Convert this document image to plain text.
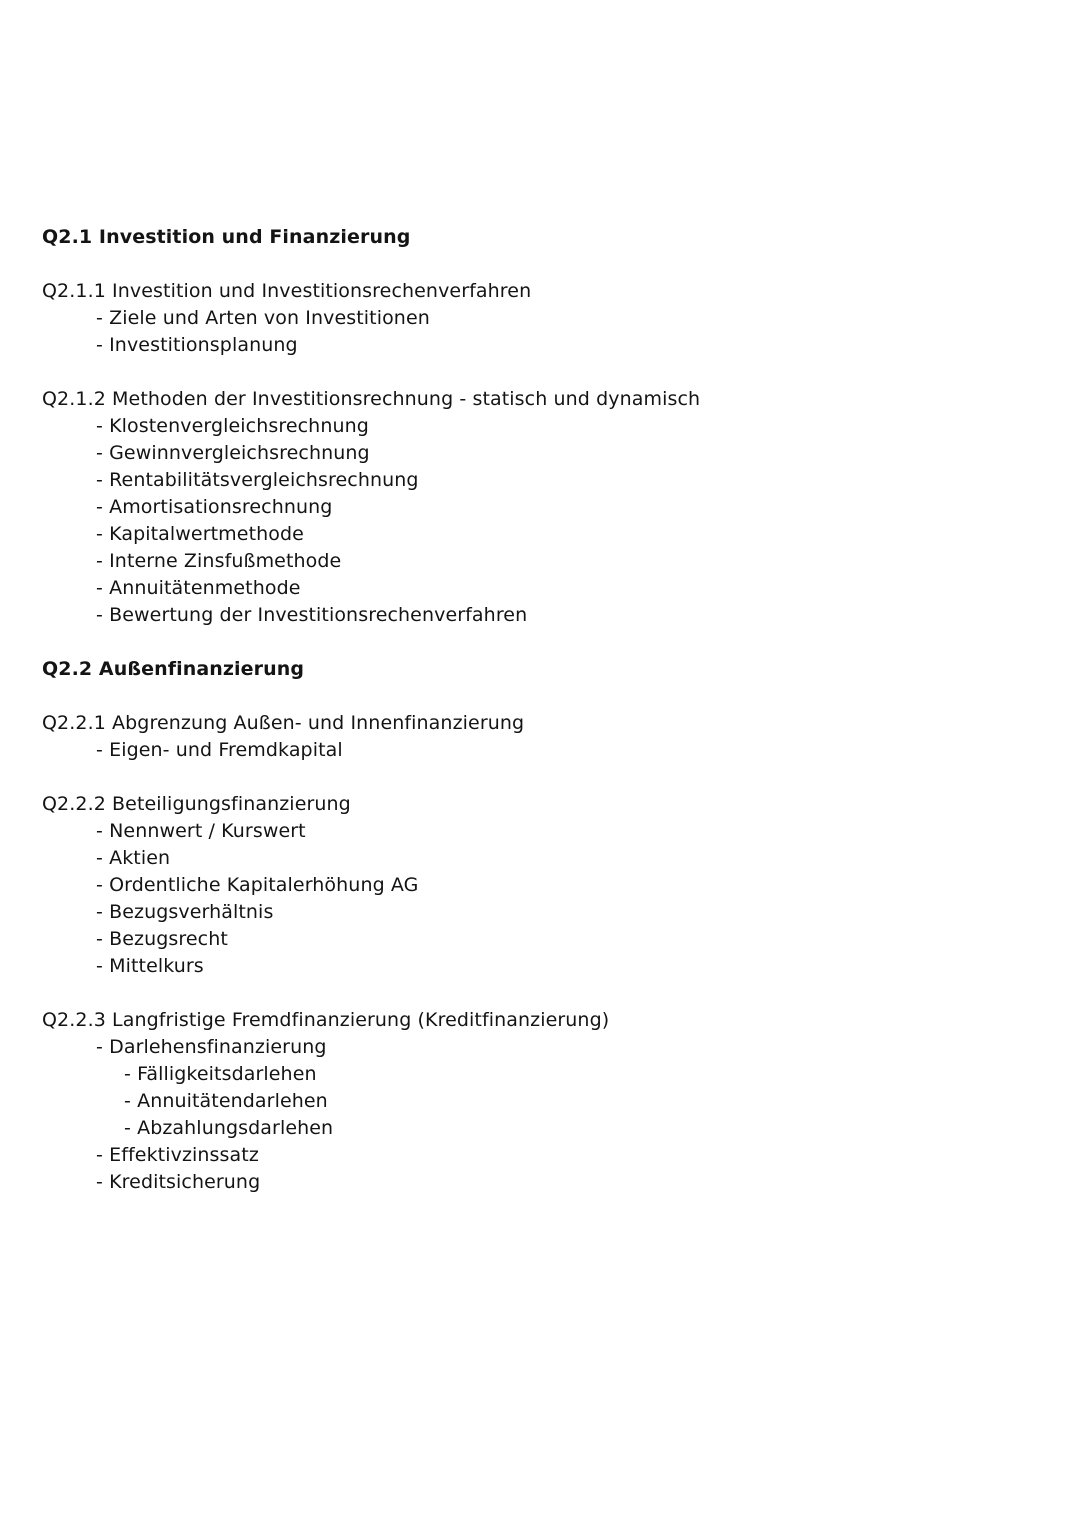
Q2.1 Investition und Finanzierung
Q2.1.1 Investition und Investitionsrechenverfahren
- Ziele und Arten von Investitionen
- Investitionsplanung
Q2.1.2 Methoden der Investitionsrechnung - statisch und dynamisch
- Klostenvergleichsrechnung
- Gewinnvergleichsrechnung
- Rentabilitätsvergleichsrechnung
- Amortisationsrechnung
- Kapitalwertmethode
- Interne Zinsfußmethode
- Annuitätenmethode
- Bewertung der Investitionsrechenverfahren
Q2.2 Außenfinanzierung
Q2.2.1 Abgrenzung Außen- und Innenfinanzierung
- Eigen- und Fremdkapital
Q2.2.2 Beteiligungsfinanzierung
- Nennwert / Kurswert
- Aktien
- Ordentliche Kapitalerhöhung AG
- Bezugsverhältnis
- Bezugsrecht
- Mittelkurs
Q2.2.3 Langfristige Fremdfinanzierung (Kreditfinanzierung)
- Darlehensfinanzierung
- Fälligkeitsdarlehen
- Annuitätendarlehen
- Abzahlungsdarlehen
- Effektivzinssatz
- Kreditsicherung
